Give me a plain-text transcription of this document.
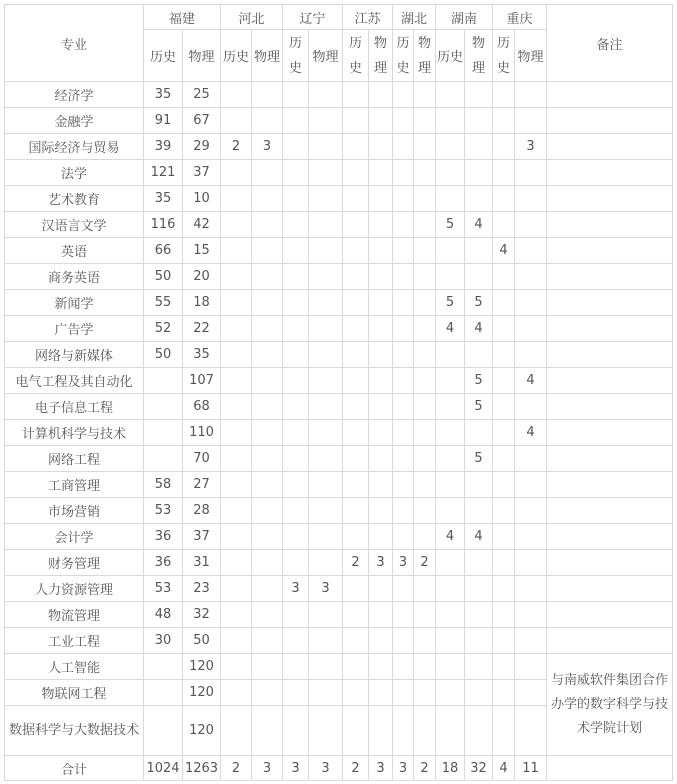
专业	福建		河北		辽宁		江苏		湖北		湖南		重庆		备注
	历史	物理	历史	物理	历史	物理	历史	物理	历史	物理	历史	物理	历史	物理	
经济学	35	25													
金融学	91	67													
国际经济与贸易	39	29	2	3										3	
法学	121	37													
艺术教育	35	10													
汉语言文学	116	42									5	4			
英语	66	15											4		
商务英语	50	20													
新闻学	55	18									5	5			
广告学	52	22									4	4			
网络与新媒体	50	35													
电气工程及其自动化		107										5		4	
电子信息工程		68										5			
计算机科学与技术		110												4	
网络工程		70										5			
工商管理	58	27													
市场营销	53	28													
会计学	36	37									4	4			
财务管理	36	31					2	3	3	2					
人力资源管理	53	23			3	3									
物流管理	48	32													
工业工程	30	50													
人工智能		120													与南威软件集团合作办学的数字科学与技术学院计划
物联网工程		120													
数据科学与大数据技术		120													
合计	1024	1263	2	3	3	3	2	3	3	2	18	32	4	11	
